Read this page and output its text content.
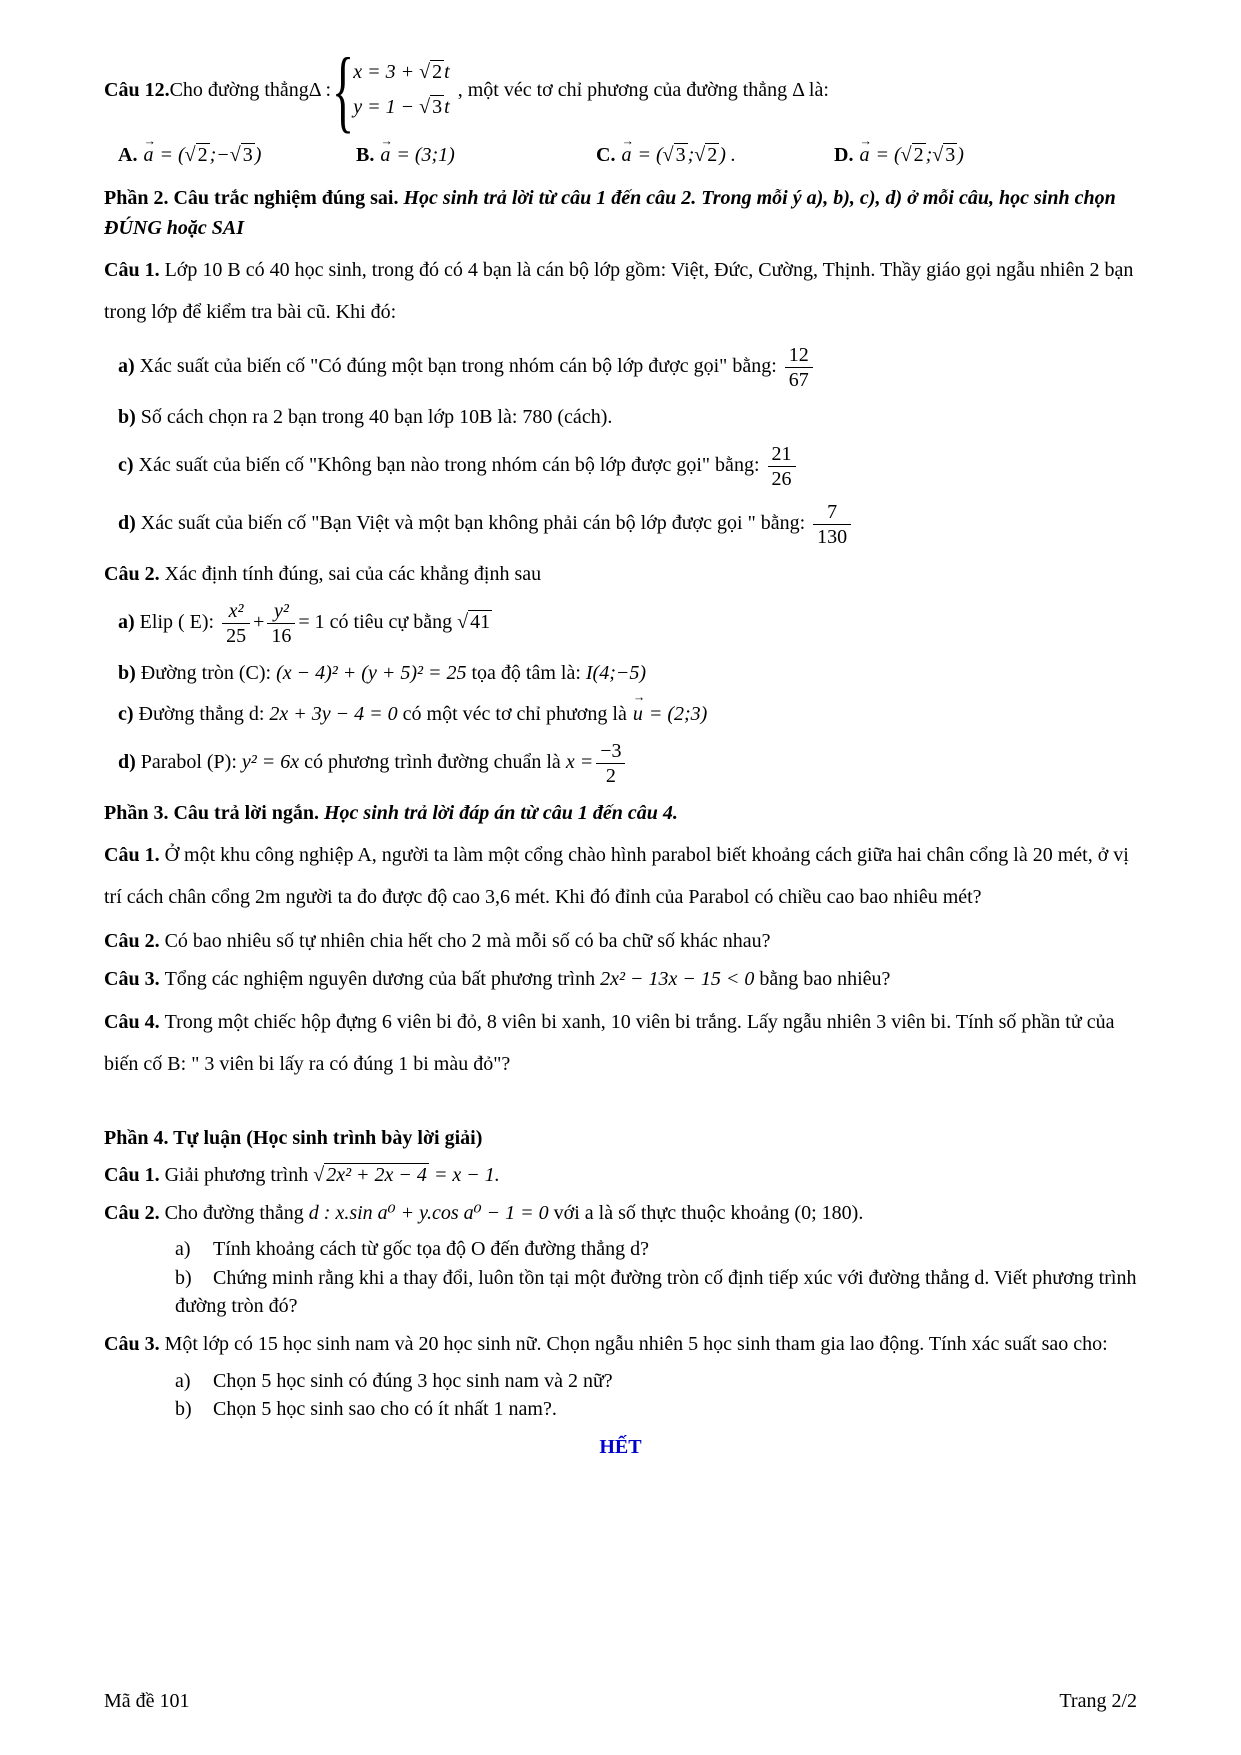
Câu 12. Cho đường thẳng Δ : { x = 3 + √ 2 t
y = 1 − √ 3 t
, một véc tơ chỉ phương của đường thẳng Δ là:
A. → a = (√ 2 ;−√ 3 )	B. → a = (3;1)	C. → a = (√ 3 ;√ 2 ) .	D. → a = (√ 2 ;√ 3 )
Phần 2. Câu trắc nghiệm đúng sai. Học sinh trả lời từ câu 1 đến câu 2. Trong mỗi ý a), b), c), d) ở mỗi câu, học sinh chọn ĐÚNG hoặc SAI
Câu 1. Lớp 10 B có 40 học sinh, trong đó có 4 bạn là cán bộ lớp gồm: Việt, Đức, Cường, Thịnh. Thầy giáo gọi ngẫu nhiên 2 bạn trong lớp để kiểm tra bài cũ. Khi đó:
a) Xác suất của biến cố "Có đúng một bạn trong nhóm cán bộ lớp được gọi" bằng: $\frac{12}{67}$
b) Số cách chọn ra 2 bạn trong 40 bạn lớp 10B là: 780 (cách).
c) Xác suất của biến cố "Không bạn nào trong nhóm cán bộ lớp được gọi" bằng: $\frac{21}{26}$
d) Xác suất của biến cố "Bạn Việt và một bạn không phải cán bộ lớp được gọi " bằng: $\frac{7}{130}$
Câu 2. Xác định tính đúng, sai của các khẳng định sau
a) Elip ( E): $\frac{\text{x²}}{25} + \frac{\text{y²}}{16} = 1$ có tiêu cự bằng √ 41
b) Đường tròn (C): (x − 4)² + (y + 5)² = 25 tọa độ tâm là: I(4;−5)
c) Đường thẳng d: 2x + 3y − 4 = 0 có một véc tơ chỉ phương là → u = (2;3)
d) Parabol (P): y² = 6x có phương trình đường chuẩn là $x = \frac{-3}{2}$
Phần 3. Câu trả lời ngắn. Học sinh trả lời đáp án từ câu 1 đến câu 4.
Câu 1. Ở một khu công nghiệp A, người ta làm một cổng chào hình parabol biết khoảng cách giữa hai chân cổng là 20 mét, ở vị trí cách chân cổng 2m người ta đo được độ cao 3,6 mét. Khi đó đỉnh của Parabol có chiều cao bao nhiêu mét?
Câu 2. Có bao nhiêu số tự nhiên chia hết cho 2 mà mỗi số có ba chữ số khác nhau?
Câu 3. Tổng các nghiệm nguyên dương của bất phương trình 2x² − 13x − 15 < 0 bằng bao nhiêu?
Câu 4. Trong một chiếc hộp đựng 6 viên bi đỏ, 8 viên bi xanh, 10 viên bi trắng. Lấy ngẫu nhiên 3 viên bi. Tính số phần tử của biến cố B: " 3 viên bi lấy ra có đúng 1 bi màu đỏ"?
Phần 4. Tự luận (Học sinh trình bày lời giải)
Câu 1. Giải phương trình √ 2x² + 2x − 4 = x − 1.
Câu 2. Cho đường thẳng d : x.sin a⁰ + y.cos a⁰ − 1 = 0 với a là số thực thuộc khoảng (0; 180).
a) Tính khoảng cách từ gốc tọa độ O đến đường thẳng d?
b) Chứng minh rằng khi a thay đổi, luôn tồn tại một đường tròn cố định tiếp xúc với đường thẳng d. Viết phương trình đường tròn đó?
Câu 3. Một lớp có 15 học sinh nam và 20 học sinh nữ. Chọn ngẫu nhiên 5 học sinh tham gia lao động. Tính xác suất sao cho:
a) Chọn 5 học sinh có đúng 3 học sinh nam và 2 nữ?
b) Chọn 5 học sinh sao cho có ít nhất 1 nam?.
HẾT
Mã đề 101	Trang 2/2
